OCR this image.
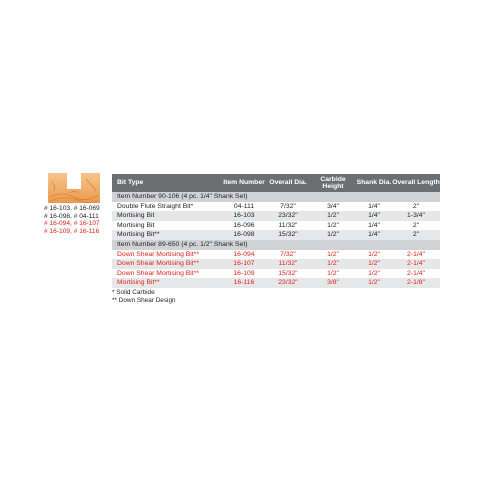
# 16-103, # 16-069
# 16-098, # 04-111
# 16-094, # 16-107
# 16-109, # 16-116
Bit Type	Item Number	Overall Dia.	Carbide Height	Shank Dia.	Overall Length
Item Number 90-106 (4 pc. 1/4" Shank Set)					
Double Flute Straight Bit*	04-111	7/32"	3/4"	1/4"	2"
Mortising Bit	16-103	23/32"	1/2"	1/4"	1-3/4"
Mortising Bit	16-096	11/32"	1/2"	1/4"	2"
Mortising Bit**	16-098	15/32"	1/2"	1/4"	2"
Item Number 89-650 (4 pc. 1/2" Shank Set)					
Down Shear Mortising Bit**	16-094	7/32"	1/2"	1/2"	2-1/4"
Down Shear Mortising Bit**	16-107	11/32"	1/2"	1/2"	2-1/4"
Down Shear Mortising Bit**	16-109	15/32"	1/2"	1/2"	2-1/4"
Mortising Bit**	16-116	23/32"	3/8"	1/2"	2-1/8"
* Solid Carbide
** Down Shear Design
